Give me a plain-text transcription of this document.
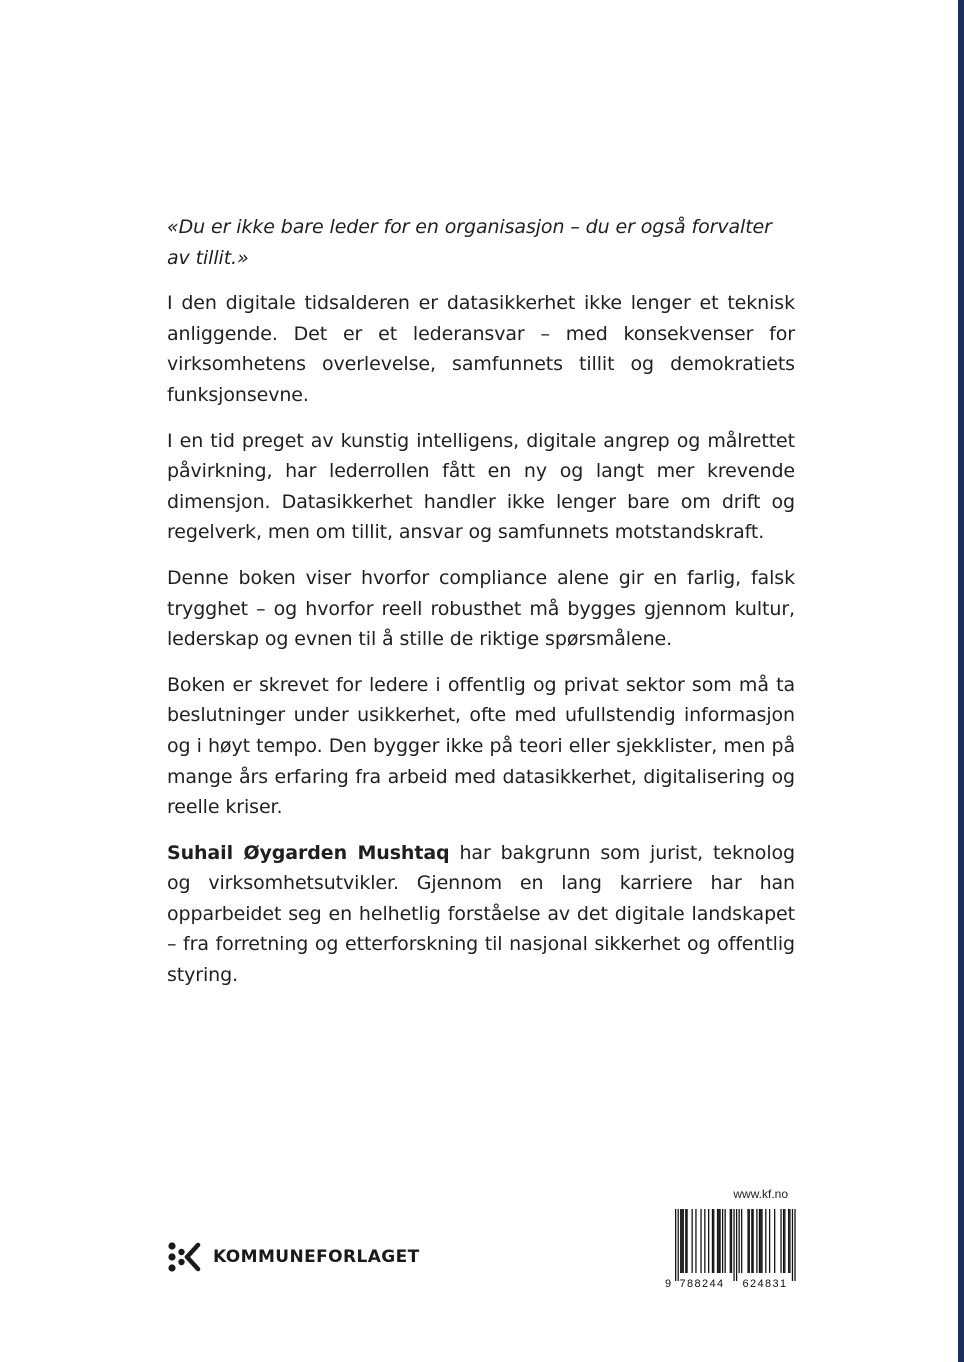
«Du er ikke bare leder for en organisasjon – du er også forvalter av tillit.»

I den digitale tidsalderen er datasikkerhet ikke lenger et teknisk anliggende. Det er et lederansvar – med konsekvenser for virksomhetens overlevelse, samfunnets tillit og demokratiets funksjonsevne.

I en tid preget av kunstig intelligens, digitale angrep og målrettet påvirkning, har lederrollen fått en ny og langt mer krevende dimensjon. Datasikkerhet handler ikke lenger bare om drift og regelverk, men om tillit, ansvar og samfunnets motstandskraft.

Denne boken viser hvorfor compliance alene gir en farlig, falsk trygghet – og hvorfor reell robusthet må bygges gjennom kultur, lederskap og evnen til å stille de riktige spørsmålene.

Boken er skrevet for ledere i offentlig og privat sektor som må ta beslutninger under usikkerhet, ofte med ufullstendig informasjon og i høyt tempo. Den bygger ikke på teori eller sjekklister, men på mange års erfaring fra arbeid med datasikkerhet, digitalisering og reelle kriser.

Suhail Øygarden Mushtaq har bakgrunn som jurist, teknolog og virksomhetsutvikler. Gjennom en lang karriere har han opparbeidet seg en helhetlig forståelse av det digitale landskapet – fra forretning og etterforskning til nasjonal sikkerhet og offentlig styring.

KOMMUNEFORLAGET
www.kf.no
9 788244 624831
